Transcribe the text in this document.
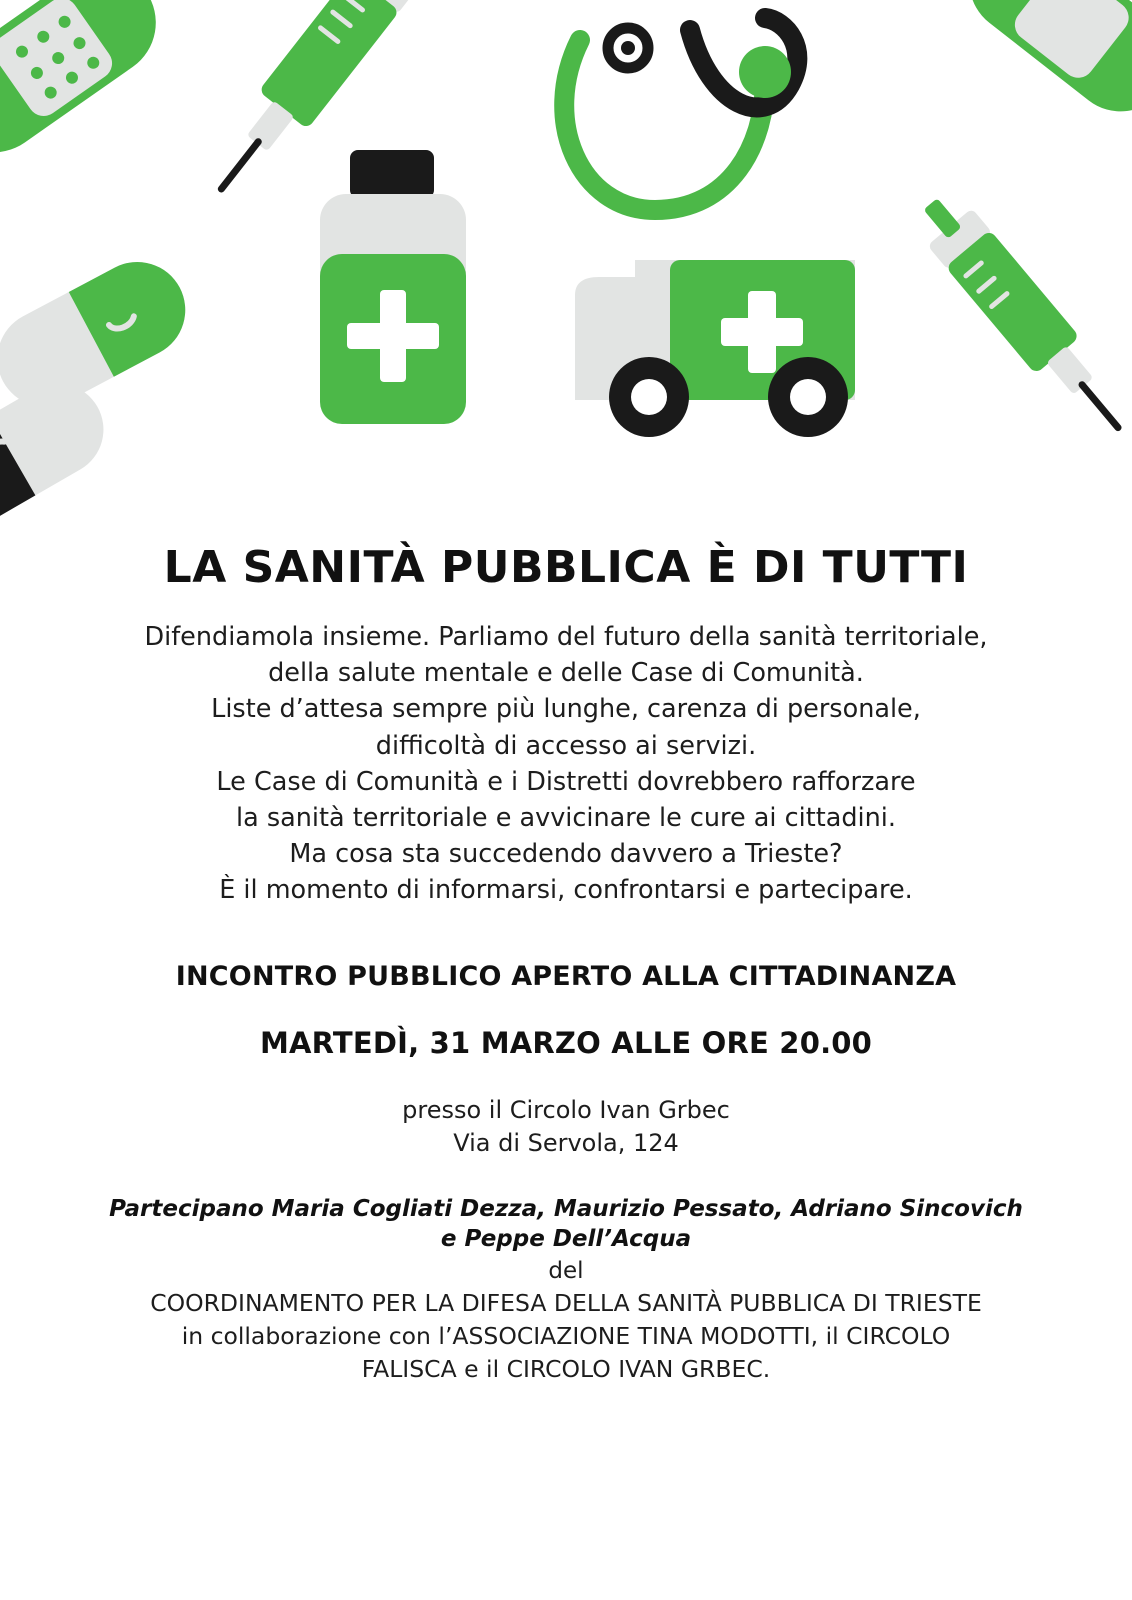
LA SANITÀ PUBBLICA È DI TUTTI
Difendiamola insieme. Parliamo del futuro della sanità territoriale,
della salute mentale e delle Case di Comunità.
Liste d’attesa sempre più lunghe, carenza di personale,
difficoltà di accesso ai servizi.
Le Case di Comunità e i Distretti dovrebbero rafforzare
la sanità territoriale e avvicinare le cure ai cittadini.
Ma cosa sta succedendo davvero a Trieste?
È il momento di informarsi, confrontarsi e partecipare.
INCONTRO PUBBLICO APERTO ALLA CITTADINANZA
MARTEDÌ, 31 MARZO ALLE ORE 20.00
presso il Circolo Ivan Grbec
Via di Servola, 124
Partecipano Maria Cogliati Dezza, Maurizio Pessato, Adriano Sincovich
e Peppe Dell’Acqua
del
COORDINAMENTO PER LA DIFESA DELLA SANITÀ PUBBLICA DI TRIESTE
in collaborazione con l’ASSOCIAZIONE TINA MODOTTI, il CIRCOLO
FALISCA e il CIRCOLO IVAN GRBEC.
